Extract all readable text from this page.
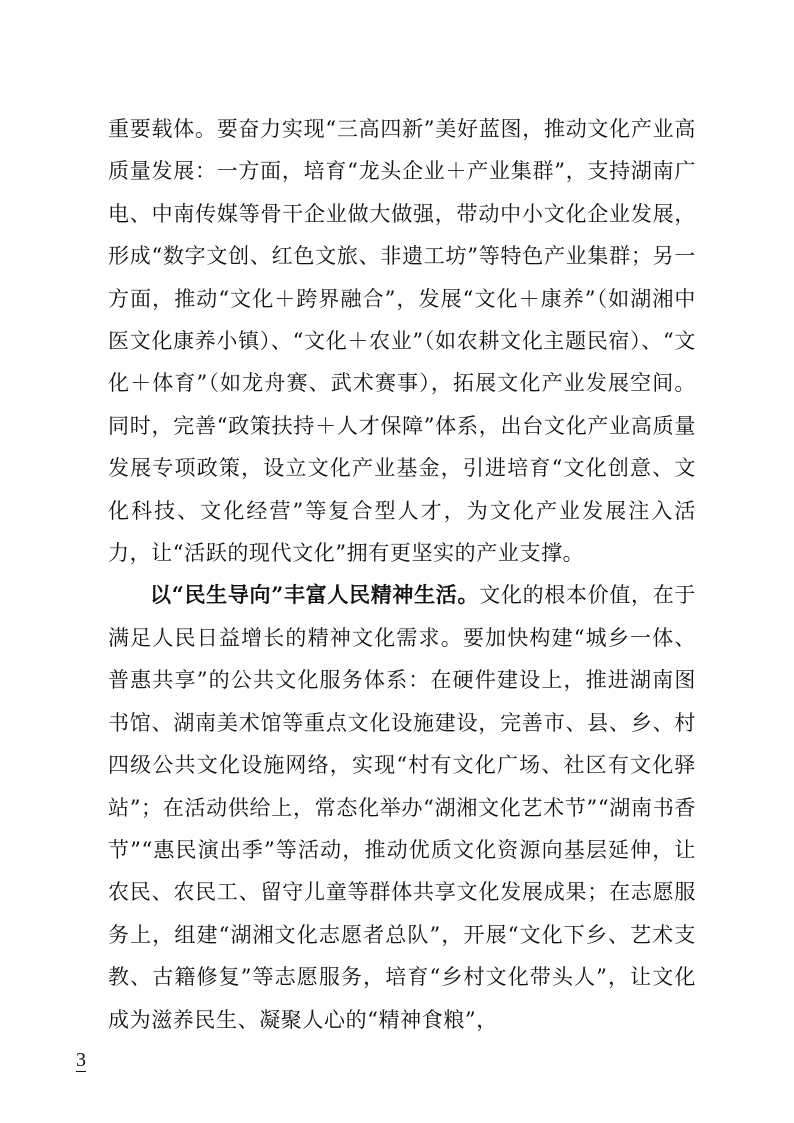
重要载体。要奋力实现“三高四新”美好蓝图，推动文化产业高质量发展：一方面，培育“龙头企业＋产业集群”，支持湖南广电、中南传媒等骨干企业做大做强，带动中小文化企业发展，形成“数字文创、红色文旅、非遗工坊”等特色产业集群；另一方面，推动“文化＋跨界融合”，发展“文化＋康养”（如湖湘中医文化康养小镇）、“文化＋农业”（如农耕文化主题民宿）、“文化＋体育”（如龙舟赛、武术赛事），拓展文化产业发展空间。同时，完善“政策扶持＋人才保障”体系，出台文化产业高质量发展专项政策，设立文化产业基金，引进培育“文化创意、文化科技、文化经营”等复合型人才，为文化产业发展注入活力，让“活跃的现代文化”拥有更坚实的产业支撑。

以“民生导向”丰富人民精神生活。文化的根本价值，在于满足人民日益增长的精神文化需求。要加快构建“城乡一体、普惠共享”的公共文化服务体系：在硬件建设上，推进湖南图书馆、湖南美术馆等重点文化设施建设，完善市、县、乡、村四级公共文化设施网络，实现“村有文化广场、社区有文化驿站”；在活动供给上，常态化举办“湖湘文化艺术节”“湖南书香节”“惠民演出季”等活动，推动优质文化资源向基层延伸，让农民、农民工、留守儿童等群体共享文化发展成果；在志愿服务上，组建“湖湘文化志愿者总队”，开展“文化下乡、艺术支教、古籍修复”等志愿服务，培育“乡村文化带头人”，让文化成为滋养民生、凝聚人心的“精神食粮”，

3
